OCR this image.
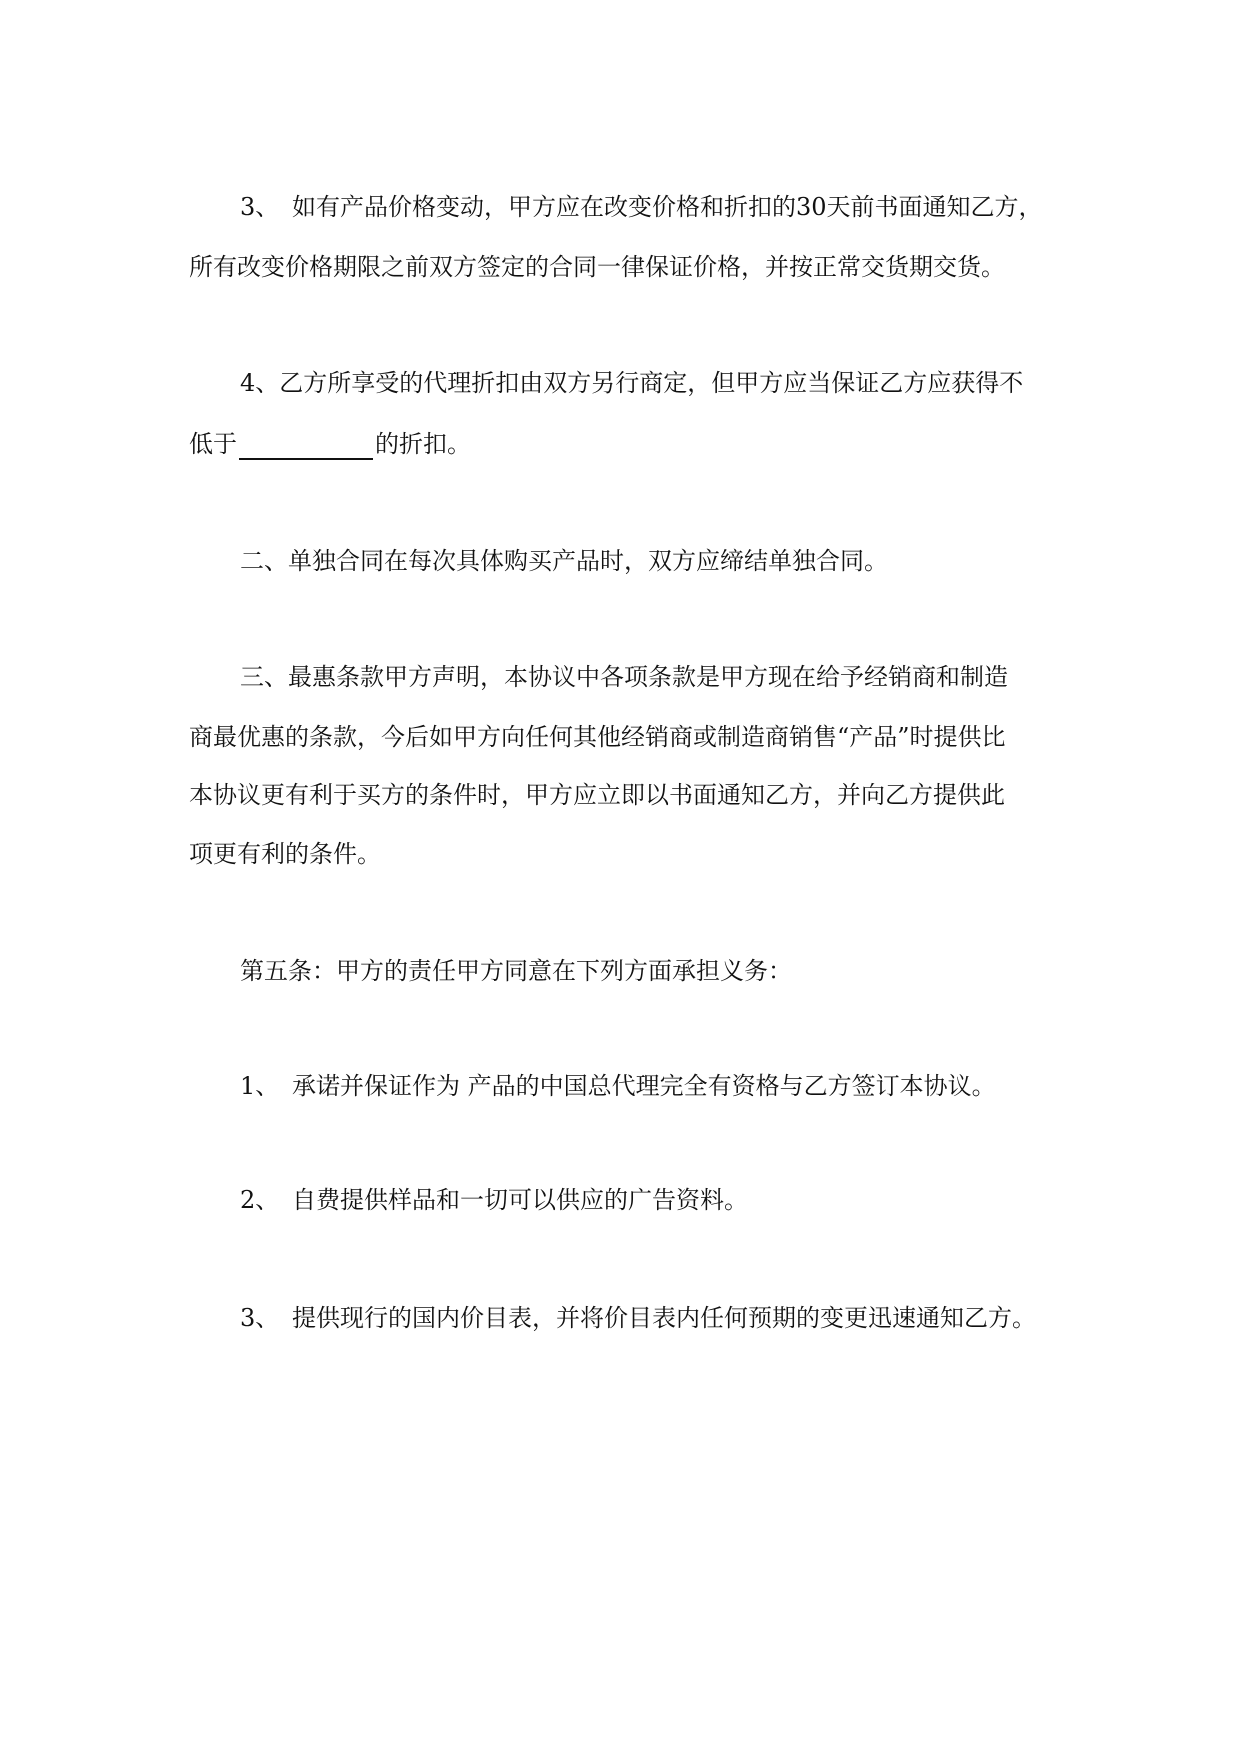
3、 如有产品价格变动，甲方应在改变价格和折扣的30天前书面通知乙方，
所有改变价格期限之前双方签定的合同一律保证价格，并按正常交货期交货。
4、乙方所享受的代理折扣由双方另行商定，但甲方应当保证乙方应获得不
低于	的折扣。
二、单独合同在每次具体购买产品时，双方应缔结单独合同。
三、最惠条款甲方声明，本协议中各项条款是甲方现在给予经销商和制造
商最优惠的条款，今后如甲方向任何其他经销商或制造商销售“产品”时提供比
本协议更有利于买方的条件时，甲方应立即以书面通知乙方，并向乙方提供此
项更有利的条件。
第五条：甲方的责任甲方同意在下列方面承担义务：
1、 承诺并保证作为 产品的中国总代理完全有资格与乙方签订本协议。
2、 自费提供样品和一切可以供应的广告资料。
3、 提供现行的国内价目表，并将价目表内任何预期的变更迅速通知乙方。
